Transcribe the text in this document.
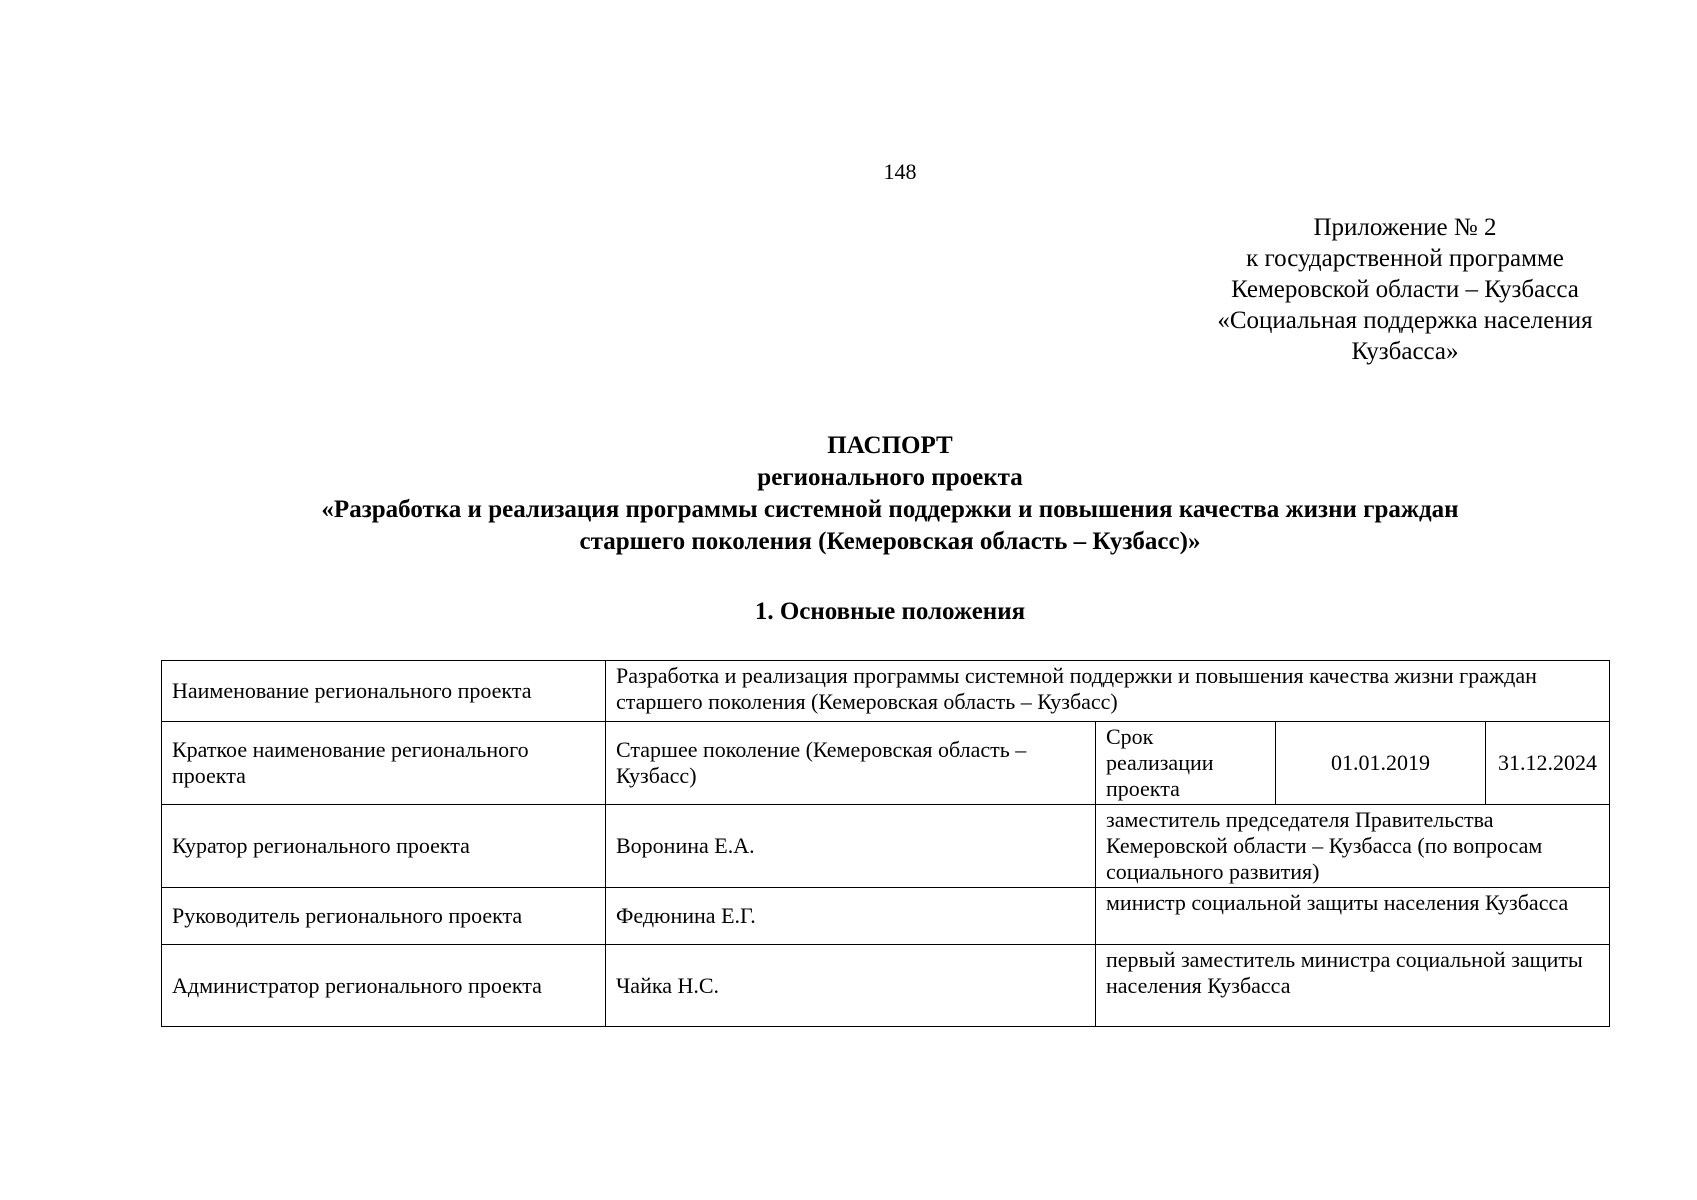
148
Приложение № 2
к государственной программе
Кемеровской области – Кузбасса
«Социальная поддержка населения
Кузбасса»
ПАСПОРТ
регионального проекта
«Разработка и реализация программы системной поддержки и повышения качества жизни граждан
старшего поколения (Кемеровская область – Кузбасс)»
1. Основные положения
Наименование регионального проекта	Разработка и реализация программы системной поддержки и повышения качества жизни граждан старшего поколения (Кемеровская область – Кузбасс)			
Краткое наименование регионального проекта	Старшее поколение (Кемеровская область – Кузбасс)	Срок реализации проекта	01.01.2019	31.12.2024
Куратор регионального проекта	Воронина Е.А.	заместитель председателя Правительства Кемеровской области – Кузбасса (по вопросам социального развития)		
Руководитель регионального проекта	Федюнина Е.Г.	министр социальной защиты населения Кузбасса		
Администратор регионального проекта	Чайка Н.С.	первый заместитель министра социальной защиты населения Кузбасса		
